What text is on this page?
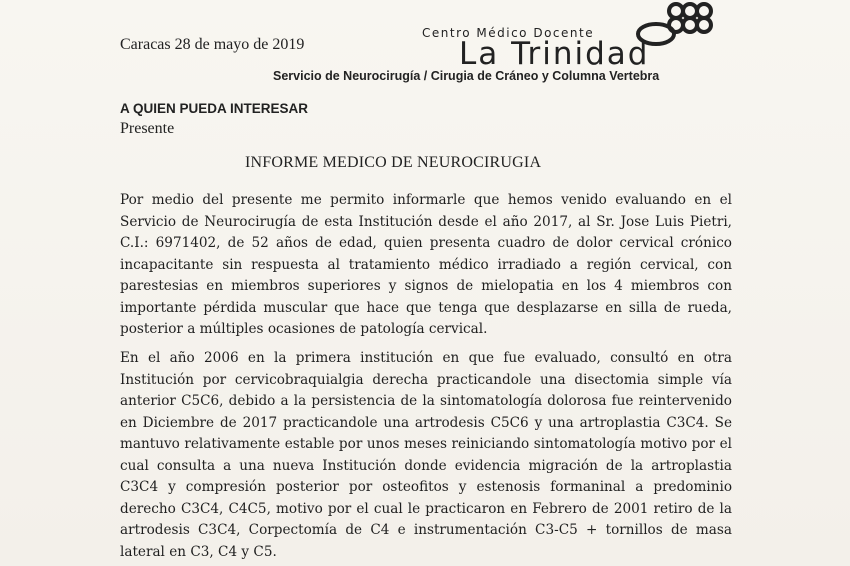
Caracas 28 de mayo de 2019
Centro Médico Docente
La Trinidad
Servicio de Neurocirugía / Cirugia de Cráneo y Columna Vertebra
A QUIEN PUEDA INTERESAR
Presente
INFORME MEDICO DE NEUROCIRUGIA
Por medio del presente me permito informarle que hemos venido evaluando en el Servicio de Neurocirugía de esta Institución desde el año 2017, al Sr. Jose Luis Pietri, C.I.: 6971402, de 52 años de edad, quien presenta cuadro de dolor cervical crónico incapacitante sin respuesta al tratamiento médico irradiado a región cervical, con parestesias en miembros superiores y signos de mielopatia en los 4 miembros con importante pérdida muscular que hace que tenga que desplazarse en silla de rueda, posterior a múltiples ocasiones de patología cervical.
En el año 2006 en la primera institución en que fue evaluado, consultó en otra Institución por cervicobraquialgia derecha practicandole una disectomia simple vía anterior C5C6, debido a la persistencia de la sintomatología dolorosa fue reintervenido en Diciembre de 2017 practicandole una artrodesis C5C6 y una artroplastia C3C4. Se mantuvo relativamente estable por unos meses reiniciando sintomatología motivo por el cual consulta a una nueva Institución donde evidencia migración de la artroplastia C3C4 y compresión posterior por osteofitos y estenosis formaninal a predominio derecho C3C4, C4C5, motivo por el cual le practicaron en Febrero de 2001 retiro de la artrodesis C3C4, Corpectomía de C4 e instrumentación C3-C5 + tornillos de masa lateral en C3, C4 y C5.
